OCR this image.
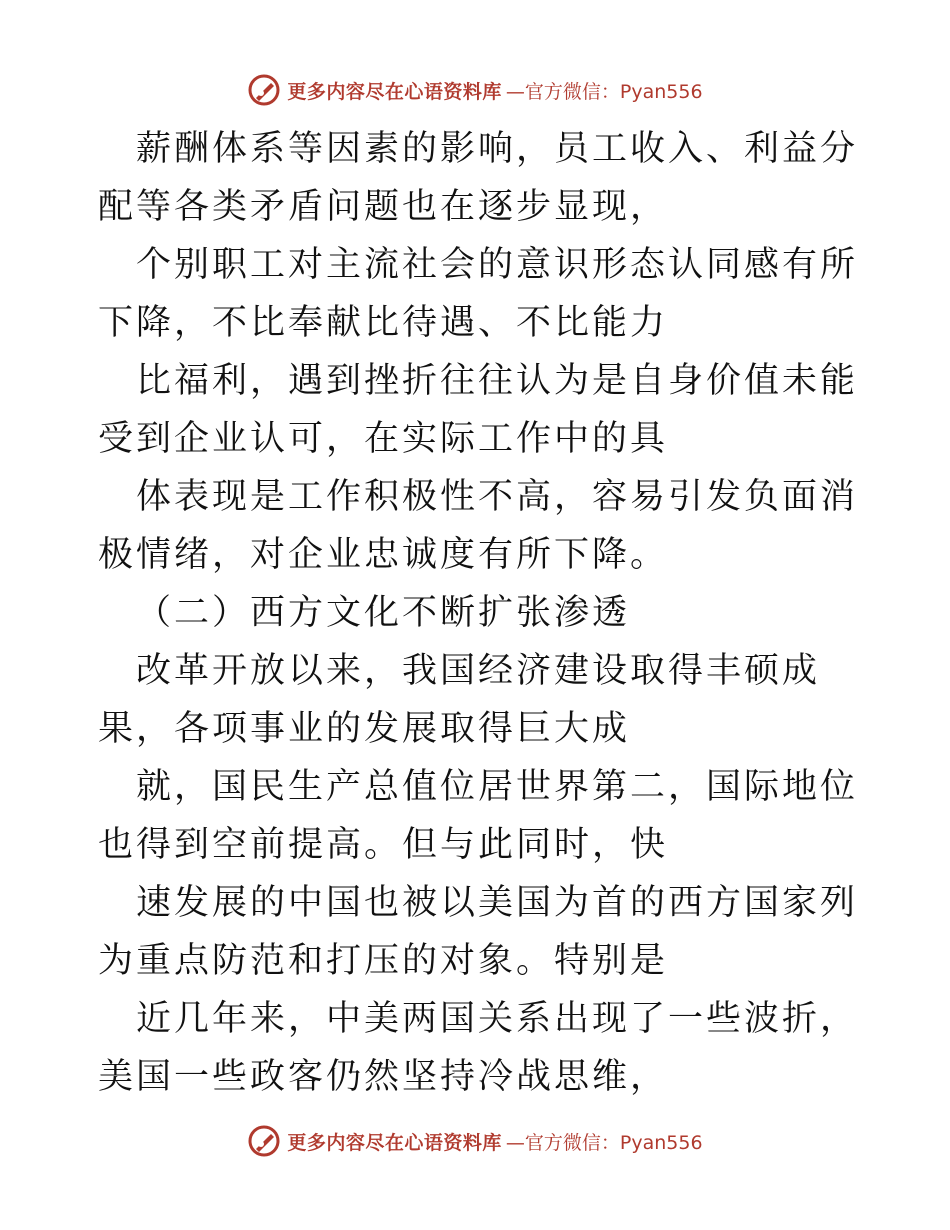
更多内容尽在心语资料库 —官方微信：Pyan556

薪酬体系等因素的影响，员工收入、利益分配等各类矛盾问题也在逐步显现，

个别职工对主流社会的意识形态认同感有所下降，不比奉献比待遇、不比能力

比福利，遇到挫折往往认为是自身价值未能受到企业认可，在实际工作中的具

体表现是工作积极性不高，容易引发负面消极情绪，对企业忠诚度有所下降。

（二）西方文化不断扩张渗透

改革开放以来，我国经济建设取得丰硕成果，各项事业的发展取得巨大成

就，国民生产总值位居世界第二，国际地位也得到空前提高。但与此同时，快

速发展的中国也被以美国为首的西方国家列为重点防范和打压的对象。特别是

近几年来，中美两国关系出现了一些波折，美国一些政客仍然坚持冷战思维，

更多内容尽在心语资料库 —官方微信：Pyan556
